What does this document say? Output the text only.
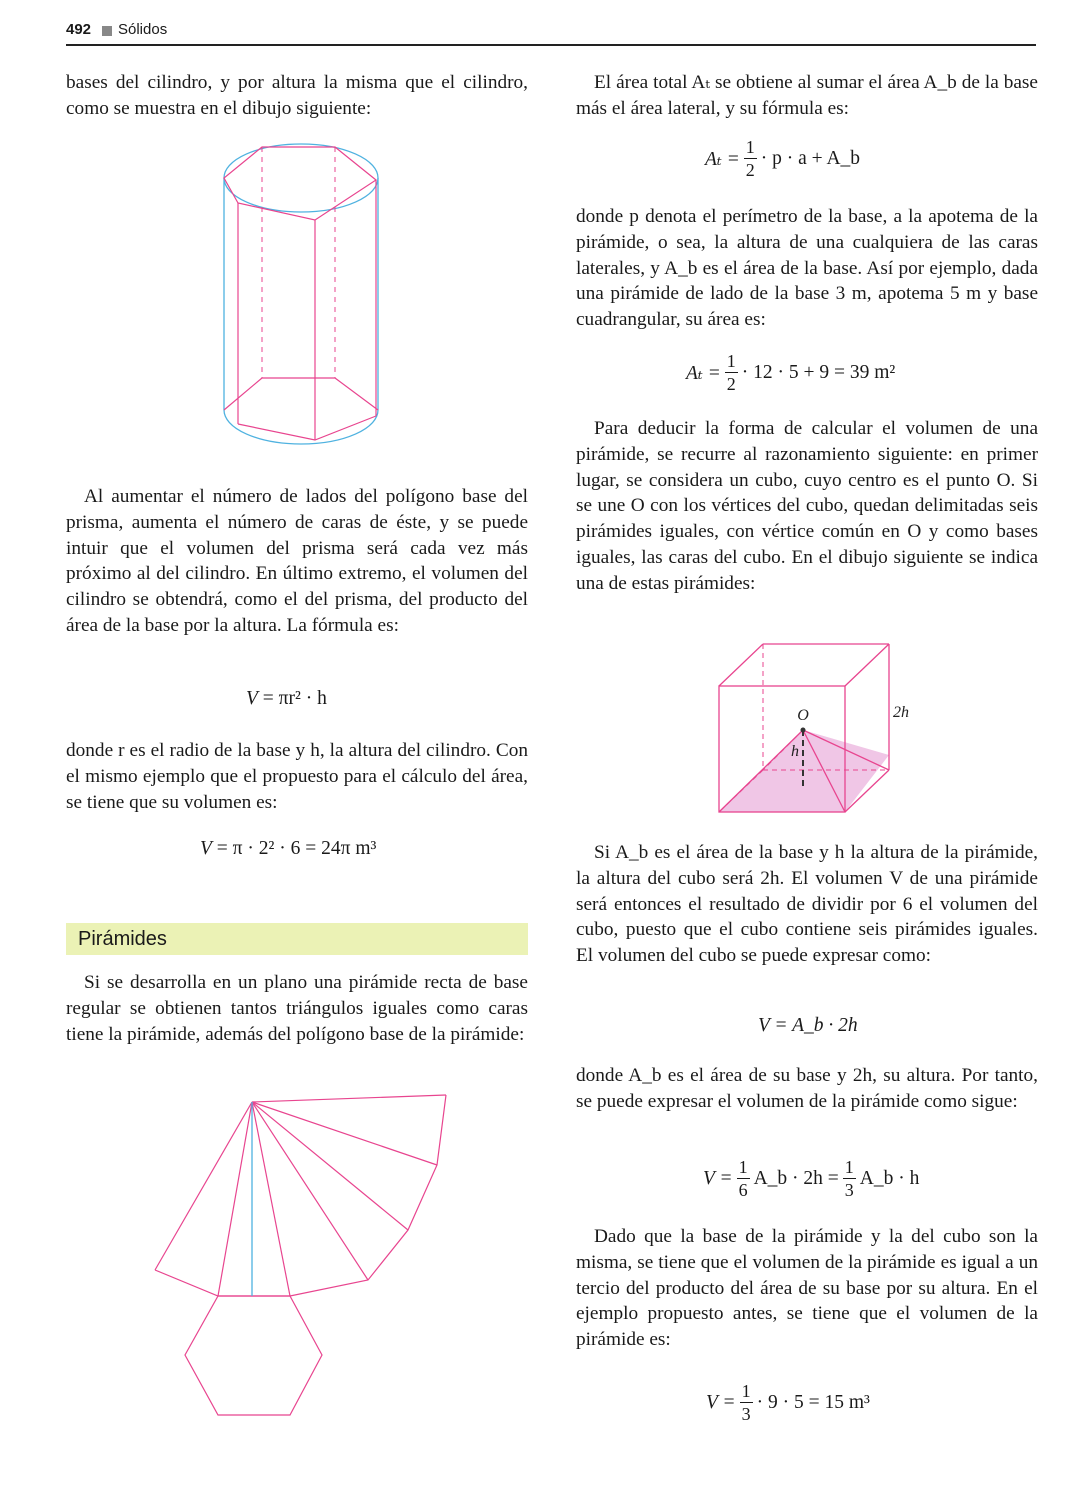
492 Sólidos

bases del cilindro, y por altura la misma que el cilindro, como se muestra en el dibujo siguiente:

Al aumentar el número de lados del polígono base del prisma, aumenta el número de caras de éste, y se puede intuir que el volumen del prisma será cada vez más próximo al del cilindro. En último extremo, el volumen del cilindro se obtendrá, como el del prisma, del producto del área de la base por la altura. La fórmula es:

V
= πr² · h

donde r es el radio de la base y h, la altura del cilindro. Con el mismo ejemplo que el propuesto para el cálculo del área, se tiene que su volumen es:

V
= π · 2² · 6 = 24π m³
Pirámides

Si se desarrolla en un plano una pirámide recta de base regular se obtienen tantos triángulos iguales como caras tiene la pirámide, además del polígono base de la pirámide:

El área total Aₜ se obtiene al sumar el área A_b de la base más el área lateral, y su fórmula es:

$A_t = \frac{1}{2} \cdot p \cdot a$ + A_b

donde p denota el perímetro de la base, a la apotema de la pirámide, o sea, la altura de una cualquiera de las caras laterales, y A_b es el área de la base. Así por ejemplo, dada una pirámide de lado de la base 3 m, apotema 5 m y base cuadrangular, su área es:

$A_t = \frac{1}{2} \cdot 12 \cdot 5 + 9 = 39$ m²

Para deducir la forma de calcular el volumen de una pirámide, se recurre al razonamiento siguiente: en primer lugar, se considera un cubo, cuyo centro es el punto O. Si se une O con los vértices del cubo, quedan delimitadas seis pirámides iguales, con vértice común en O y como bases iguales, las caras del cubo. En el dibujo siguiente se indica una de estas pirámides:

O
h
2h

Si A_b es el área de la base y h la altura de la pirámide, la altura del cubo será 2h. El volumen V de una pirámide será entonces el resultado de dividir por 6 el volumen del cubo, puesto que el cubo contiene seis pirámides iguales. El volumen del cubo se puede expresar como:

V = A_b · 2h

donde A_b es el área de su base y 2h, su altura. Por tanto, se puede expresar el volumen de la pirámide como sigue:

$V = \frac{1}{6}$ A_b · $2h = \frac{1}{3}$ A_b · h

Dado que la base de la pirámide y la del cubo son la misma, se tiene que el volumen de la pirámide es igual a un tercio del producto del área de su base por su altura. En el ejemplo propuesto antes, se tiene que el volumen de la pirámide es:

$V = \frac{1}{3} \cdot 9 \cdot 5 = 15$ m³
